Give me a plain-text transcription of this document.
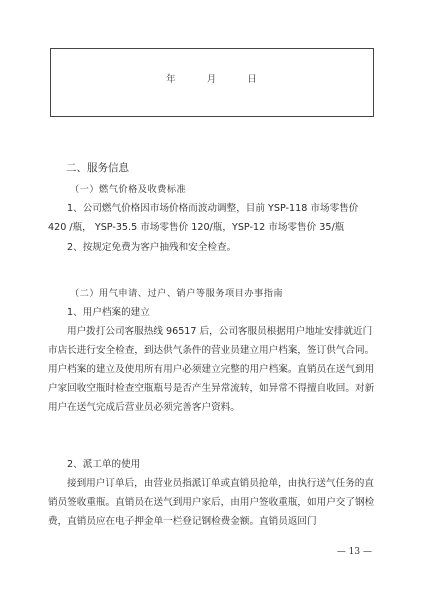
年	月	日
二、服务信息
（一）燃气价格及收费标准
1、公司燃气价格因市场价格而波动调整，目前 YSP-118 市场零售价 420 /瓶， YSP-35.5 市场零售价 120/瓶，YSP-12 市场零售价 35/瓶
2、按规定免费为客户抽残和安全检查。
（二）用气申请、过户、销户等服务项目办事指南
1、用户档案的建立
用户拨打公司客服热线 96517 后，公司客服员根据用户地址安排就近门市店长进行安全检查，到达供气条件的营业员建立用户档案，签订供气合同。用户档案的建立及使用所有用户必须建立完整的用户档案。直销员在送气到用户家回收空瓶时检查空瓶瓶号是否产生异常流转，如异常不得擅自收回。对新用户在送气完成后营业员必须完善客户资料。
2、派工单的使用
接到用户订单后，由营业员指派订单或直销员抢单，由执行送气任务的直销员签收重瓶。直销员在送气到用户家后，由用户签收重瓶，如用户交了钢检费，直销员应在电子押金单一栏登记钢检费金额。直销员返回门
— 13 —
